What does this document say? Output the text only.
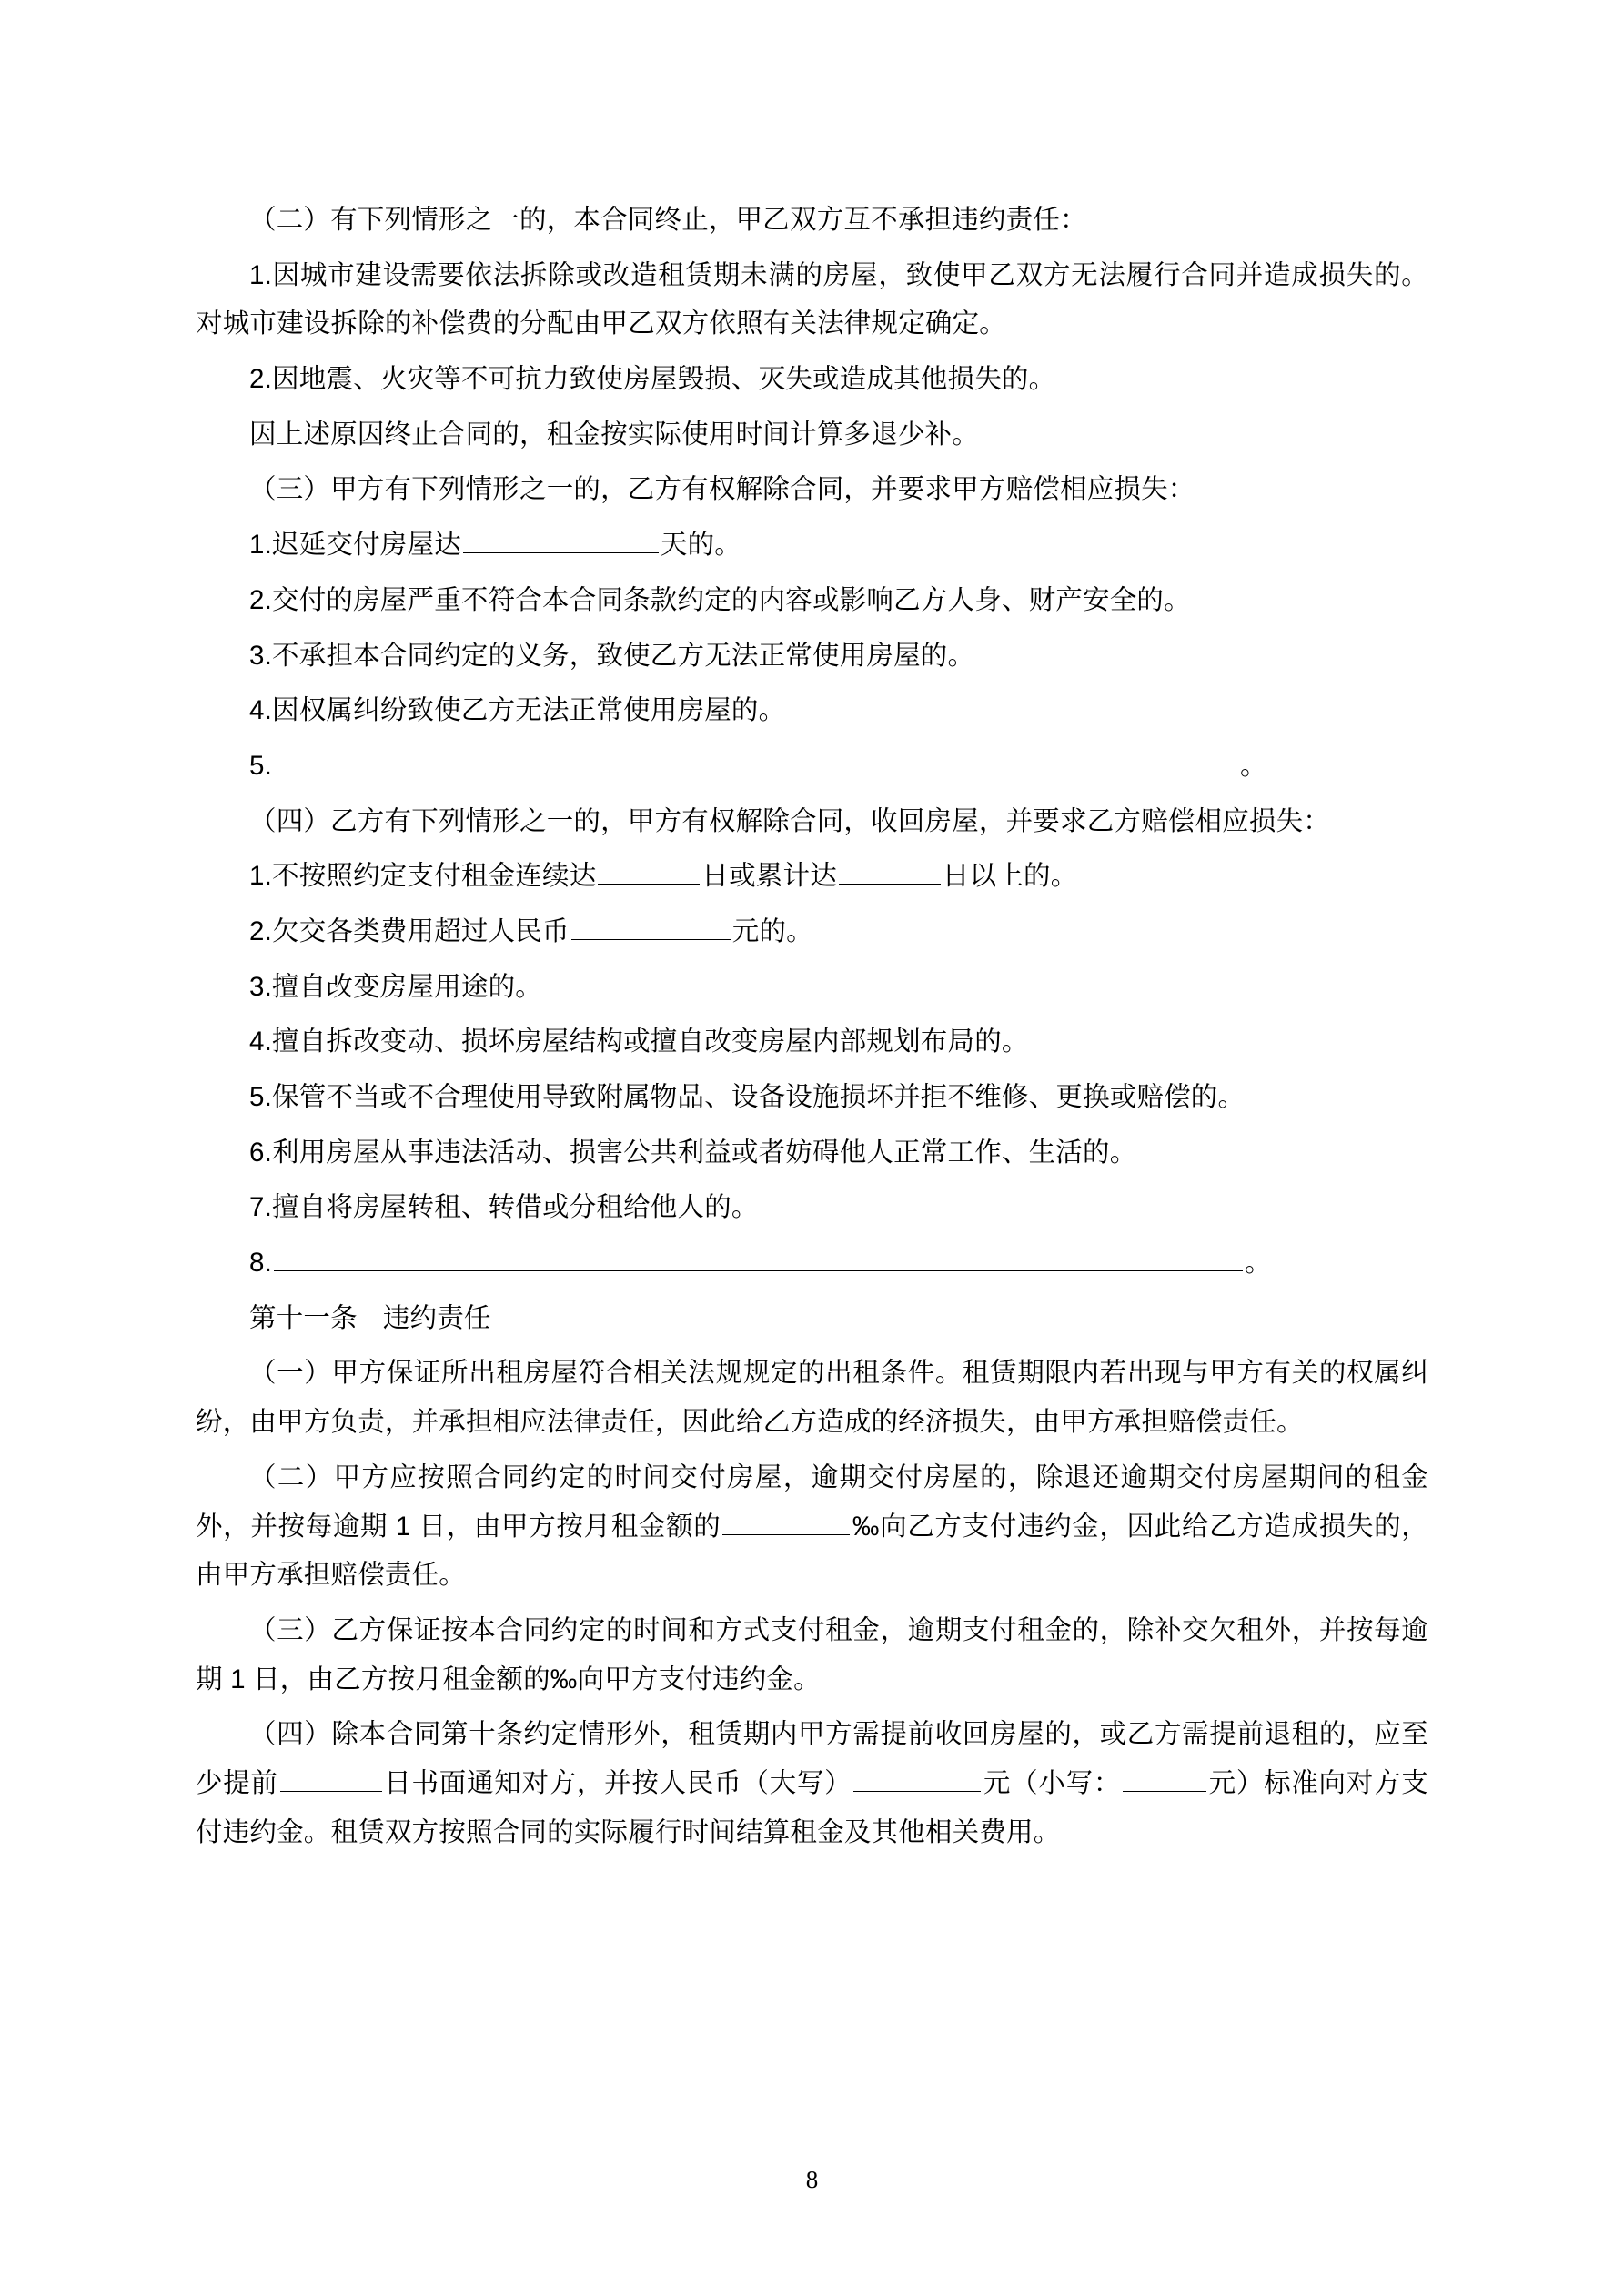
（二）有下列情形之一的，本合同终止，甲乙双方互不承担违约责任：

1.因城市建设需要依法拆除或改造租赁期未满的房屋，致使甲乙双方无法履行合同并造成损失的。对城市建设拆除的补偿费的分配由甲乙双方依照有关法律规定确定。

2.因地震、火灾等不可抗力致使房屋毁损、灭失或造成其他损失的。

因上述原因终止合同的，租金按实际使用时间计算多退少补。

（三）甲方有下列情形之一的，乙方有权解除合同，并要求甲方赔偿相应损失：

1.迟延交付房屋达	天的。

2.交付的房屋严重不符合本合同条款约定的内容或影响乙方人身、财产安全的。

3.不承担本合同约定的义务，致使乙方无法正常使用房屋的。

4.因权属纠纷致使乙方无法正常使用房屋的。

5.	。

（四）乙方有下列情形之一的，甲方有权解除合同，收回房屋，并要求乙方赔偿相应损失：

1.不按照约定支付租金连续达	日或累计达	日以上的。

2.欠交各类费用超过人民币	元的。

3.擅自改变房屋用途的。

4.擅自拆改变动、损坏房屋结构或擅自改变房屋内部规划布局的。

5.保管不当或不合理使用导致附属物品、设备设施损坏并拒不维修、更换或赔偿的。

6.利用房屋从事违法活动、损害公共利益或者妨碍他人正常工作、生活的。

7.擅自将房屋转租、转借或分租给他人的。

8.	。

第十一条 违约责任

（一）甲方保证所出租房屋符合相关法规规定的出租条件。租赁期限内若出现与甲方有关的权属纠纷，由甲方负责，并承担相应法律责任，因此给乙方造成的经济损失，由甲方承担赔偿责任。

（二）甲方应按照合同约定的时间交付房屋，逾期交付房屋的，除退还逾期交付房屋期间的租金外，并按每逾期 1 日，由甲方按月租金额的	‰向乙方支付违约金，因此给乙方造成损失的，由甲方承担赔偿责任。

（三）乙方保证按本合同约定的时间和方式支付租金，逾期支付租金的，除补交欠租外，并按每逾期 1 日，由乙方按月租金额的‰向甲方支付违约金。

（四）除本合同第十条约定情形外，租赁期内甲方需提前收回房屋的，或乙方需提前退租的，应至少提前	日书面通知对方，并按人民币（大写）	元（小写：	元）标准向对方支付违约金。租赁双方按照合同的实际履行时间结算租金及其他相关费用。

8
